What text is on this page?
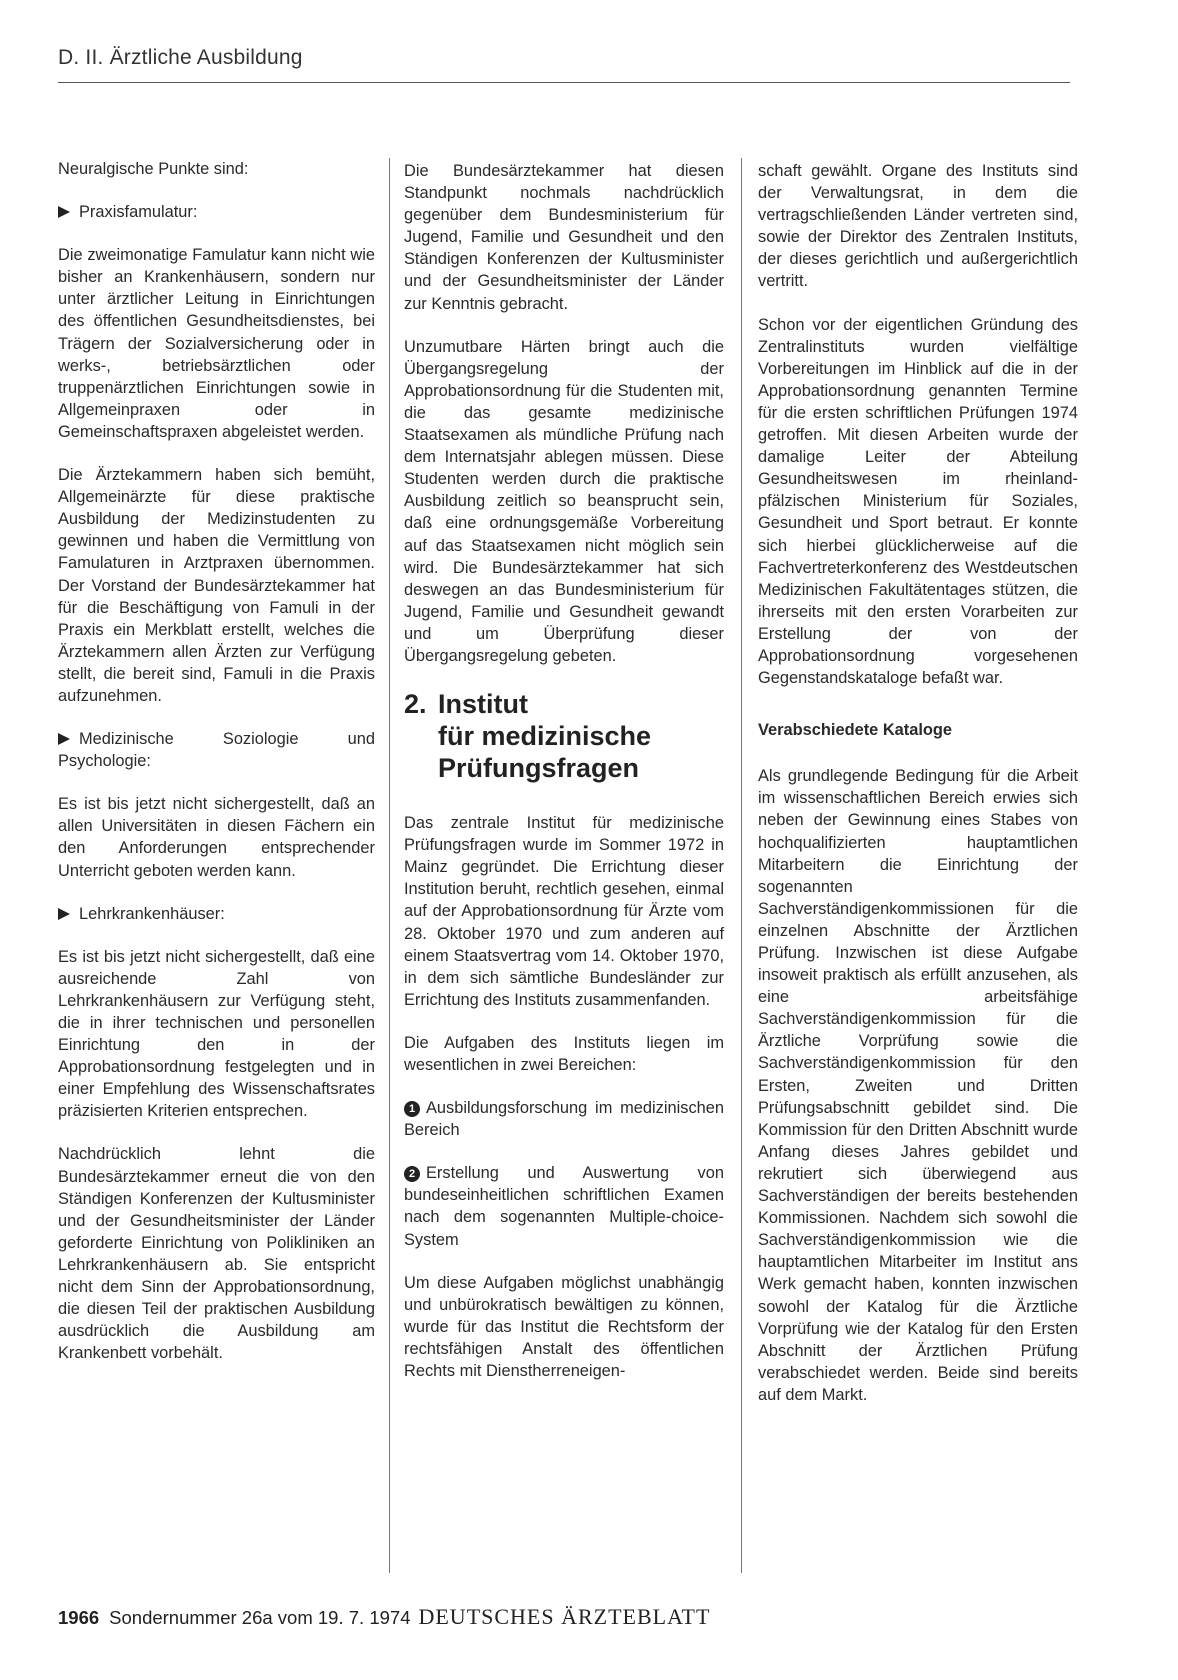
D. II. Ärztliche Ausbildung

Neuralgische Punkte sind:

Praxisfamulatur:

Die zweimonatige Famulatur kann nicht wie bisher an Krankenhäusern, sondern nur unter ärztlicher Leitung in Einrichtungen des öffentlichen Gesundheitsdienstes, bei Trägern der Sozialversicherung oder in werks-, betriebsärztlichen oder truppenärztlichen Einrichtungen sowie in Allgemeinpraxen oder in Gemeinschaftspraxen abgeleistet werden.

Die Ärztekammern haben sich bemüht, Allgemeinärzte für diese praktische Ausbildung der Medizinstudenten zu gewinnen und haben die Vermittlung von Famulaturen in Arztpraxen übernommen. Der Vorstand der Bundesärztekammer hat für die Beschäftigung von Famuli in der Praxis ein Merkblatt erstellt, welches die Ärztekammern allen Ärzten zur Verfügung stellt, die bereit sind, Famuli in die Praxis aufzunehmen.

Medizinische Soziologie und Psychologie:

Es ist bis jetzt nicht sichergestellt, daß an allen Universitäten in diesen Fächern ein den Anforderungen entsprechender Unterricht geboten werden kann.

Lehrkrankenhäuser:

Es ist bis jetzt nicht sichergestellt, daß eine ausreichende Zahl von Lehrkrankenhäusern zur Verfügung steht, die in ihrer technischen und personellen Einrichtung den in der Approbationsordnung festgelegten und in einer Empfehlung des Wissenschaftsrates präzisierten Kriterien entsprechen.

Nachdrücklich lehnt die Bundesärztekammer erneut die von den Ständigen Konferenzen der Kultusminister und der Gesundheitsminister der Länder geforderte Einrichtung von Polikliniken an Lehrkrankenhäusern ab. Sie entspricht nicht dem Sinn der Approbationsordnung, die diesen Teil der praktischen Ausbildung ausdrücklich die Ausbildung am Krankenbett vorbehält.

Die Bundesärztekammer hat diesen Standpunkt nochmals nachdrücklich gegenüber dem Bundesministerium für Jugend, Familie und Gesundheit und den Ständigen Konferenzen der Kultusminister und der Gesundheitsminister der Länder zur Kenntnis gebracht.

Unzumutbare Härten bringt auch die Übergangsregelung der Approbationsordnung für die Studenten mit, die das gesamte medizinische Staatsexamen als mündliche Prüfung nach dem Internatsjahr ablegen müssen. Diese Studenten werden durch die praktische Ausbildung zeitlich so beansprucht sein, daß eine ordnungsgemäße Vorbereitung auf das Staatsexamen nicht möglich sein wird. Die Bundesärztekammer hat sich deswegen an das Bundesministerium für Jugend, Familie und Gesundheit gewandt und um Überprüfung dieser Übergangsregelung gebeten.

2. Institut
für medizinische
Prüfungsfragen

Das zentrale Institut für medizinische Prüfungsfragen wurde im Sommer 1972 in Mainz gegründet. Die Errichtung dieser Institution beruht, rechtlich gesehen, einmal auf der Approbationsordnung für Ärzte vom 28. Oktober 1970 und zum anderen auf einem Staatsvertrag vom 14. Oktober 1970, in dem sich sämtliche Bundesländer zur Errichtung des Instituts zusammenfanden.

Die Aufgaben des Instituts liegen im wesentlichen in zwei Bereichen:

1 Ausbildungsforschung im medizinischen Bereich

2 Erstellung und Auswertung von bundeseinheitlichen schriftlichen Examen nach dem sogenannten Multiple-choice-System

Um diese Aufgaben möglichst unabhängig und unbürokratisch bewältigen zu können, wurde für das Institut die Rechtsform der rechtsfähigen Anstalt des öffentlichen Rechts mit Dienstherreneigen-

schaft gewählt. Organe des Instituts sind der Verwaltungsrat, in dem die vertragschließenden Länder vertreten sind, sowie der Direktor des Zentralen Instituts, der dieses gerichtlich und außergerichtlich vertritt.

Schon vor der eigentlichen Gründung des Zentralinstituts wurden vielfältige Vorbereitungen im Hinblick auf die in der Approbationsordnung genannten Termine für die ersten schriftlichen Prüfungen 1974 getroffen. Mit diesen Arbeiten wurde der damalige Leiter der Abteilung Gesundheitswesen im rheinland-pfälzischen Ministerium für Soziales, Gesundheit und Sport betraut. Er konnte sich hierbei glücklicherweise auf die Fachvertreterkonferenz des Westdeutschen Medizinischen Fakultätentages stützen, die ihrerseits mit den ersten Vorarbeiten zur Erstellung der von der Approbationsordnung vorgesehenen Gegenstandskataloge befaßt war.

Verabschiedete Kataloge

Als grundlegende Bedingung für die Arbeit im wissenschaftlichen Bereich erwies sich neben der Gewinnung eines Stabes von hochqualifizierten hauptamtlichen Mitarbeitern die Einrichtung der sogenannten Sachverständigenkommissionen für die einzelnen Abschnitte der Ärztlichen Prüfung. Inzwischen ist diese Aufgabe insoweit praktisch als erfüllt anzusehen, als eine arbeitsfähige Sachverständigenkommission für die Ärztliche Vorprüfung sowie die Sachverständigenkommission für den Ersten, Zweiten und Dritten Prüfungsabschnitt gebildet sind. Die Kommission für den Dritten Abschnitt wurde Anfang dieses Jahres gebildet und rekrutiert sich überwiegend aus Sachverständigen der bereits bestehenden Kommissionen. Nachdem sich sowohl die Sachverständigenkommission wie die hauptamtlichen Mitarbeiter im Institut ans Werk gemacht haben, konnten inzwischen sowohl der Katalog für die Ärztliche Vorprüfung wie der Katalog für den Ersten Abschnitt der Ärztlichen Prüfung verabschiedet werden. Beide sind bereits auf dem Markt.

1966 Sondernummer 26a vom 19. 7. 1974 DEUTSCHES ÄRZTEBLATT
